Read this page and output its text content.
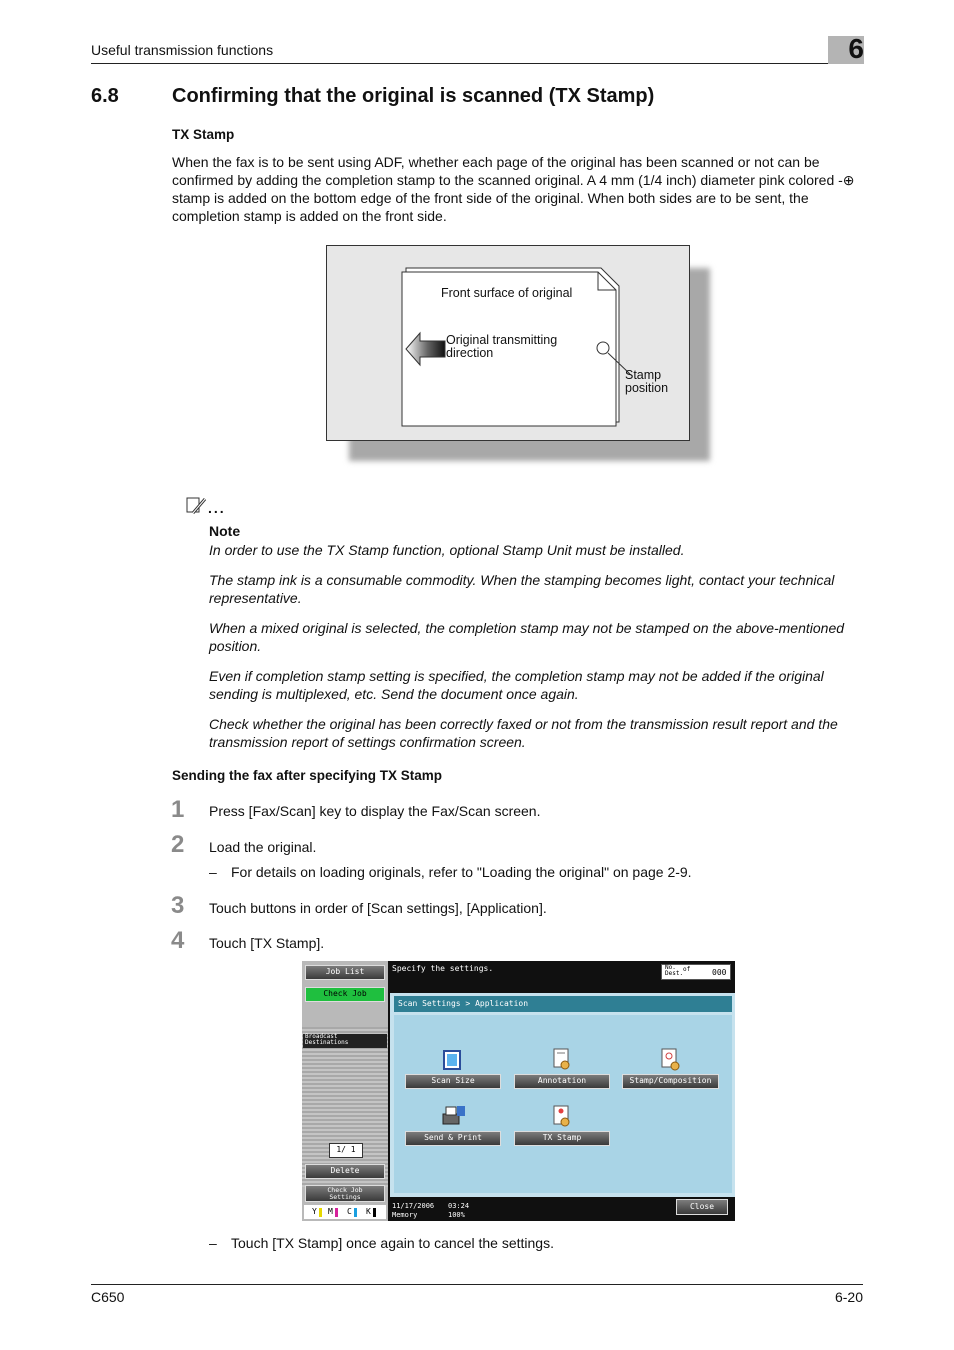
Useful transmission functions	6
6.8	Confirming that the original is scanned (TX Stamp)
TX Stamp
When the fax is to be sent using ADF, whether each page of the original has been scanned or not can be confirmed by adding the completion stamp to the scanned original. A 4 mm (1/4 inch) diameter pink colored -⊕ stamp is added on the bottom edge of the front side of the original. When both sides are to be sent, the completion stamp is added on the front side.
Front surface of original
Original transmitting
direction
Stamp
position
...
Note
In order to use the TX Stamp function, optional Stamp Unit must be installed.
The stamp ink is a consumable commodity. When the stamping becomes light, contact your technical representative.
When a mixed original is selected, the completion stamp may not be stamped on the above-mentioned position.
Even if completion stamp setting is specified, the completion stamp may not be added if the original sending is multiplexed, etc. Send the document once again.
Check whether the original has been correctly faxed or not from the transmission result report and the transmission report of settings confirmation screen.
Sending the fax after specifying TX Stamp
1 Press [Fax/Scan] key to display the Fax/Scan screen.
2 Load the original.
– For details on loading originals, refer to "Loading the original" on page 2-9.
3 Touch buttons in order of [Scan settings], [Application].
4 Touch [TX Stamp].
Job List
Check Job
Broadcast
Destinations
1/ 1
Delete
Check Job
Settings
Y M C K
Specify the settings.	No.
Dest.
of	000
Scan Settings > Application
Scan Size	Annotation	Stamp/Composition
Send & Print	TX Stamp
11/17/2006 03:24
Memory	100%
Close
– Touch [TX Stamp] once again to cancel the settings.
C650	6-20
